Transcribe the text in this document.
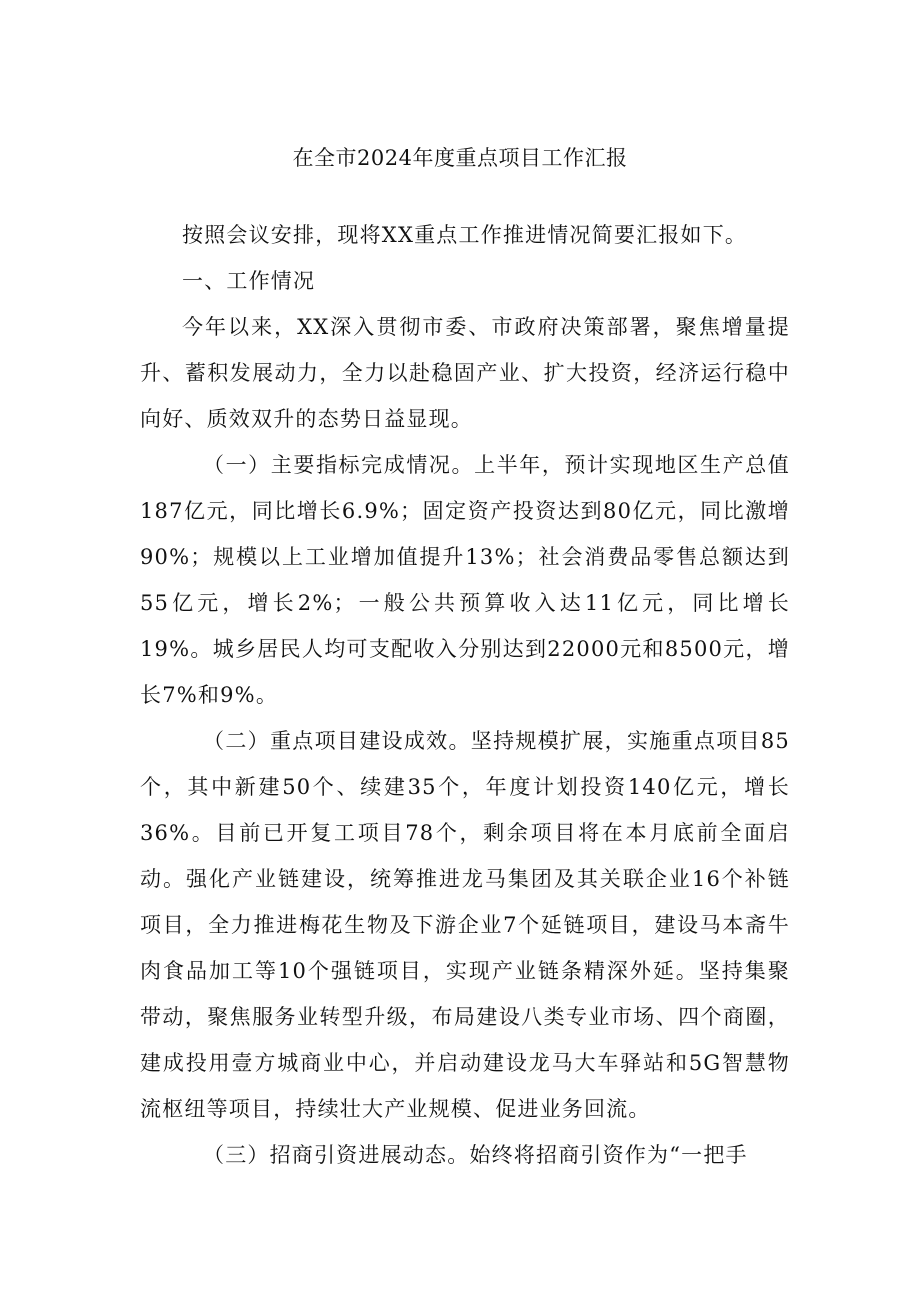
在全市2024年度重点项目工作汇报

按照会议安排，现将XX重点工作推进情况简要汇报如下。

一、工作情况

今年以来，XX深入贯彻市委、市政府决策部署，聚焦增量提升、蓄积发展动力，全力以赴稳固产业、扩大投资，经济运行稳中向好、质效双升的态势日益显现。

（一）主要指标完成情况。上半年，预计实现地区生产总值187亿元，同比增长6.9%；固定资产投资达到80亿元，同比激增90%；规模以上工业增加值提升13%；社会消费品零售总额达到55亿元，增长2%；一般公共预算收入达11亿元，同比增长19%。城乡居民人均可支配收入分别达到22000元和8500元，增长7%和9%。

（二）重点项目建设成效。坚持规模扩展，实施重点项目85个，其中新建50个、续建35个，年度计划投资140亿元，增长36%。目前已开复工项目78个，剩余项目将在本月底前全面启动。强化产业链建设，统筹推进龙马集团及其关联企业16个补链项目，全力推进梅花生物及下游企业7个延链项目，建设马本斋牛肉食品加工等10个强链项目，实现产业链条精深外延。坚持集聚带动，聚焦服务业转型升级，布局建设八类专业市场、四个商圈，建成投用壹方城商业中心，并启动建设龙马大车驿站和5G智慧物流枢纽等项目，持续壮大产业规模、促进业务回流。

（三）招商引资进展动态。始终将招商引资作为“一把手
